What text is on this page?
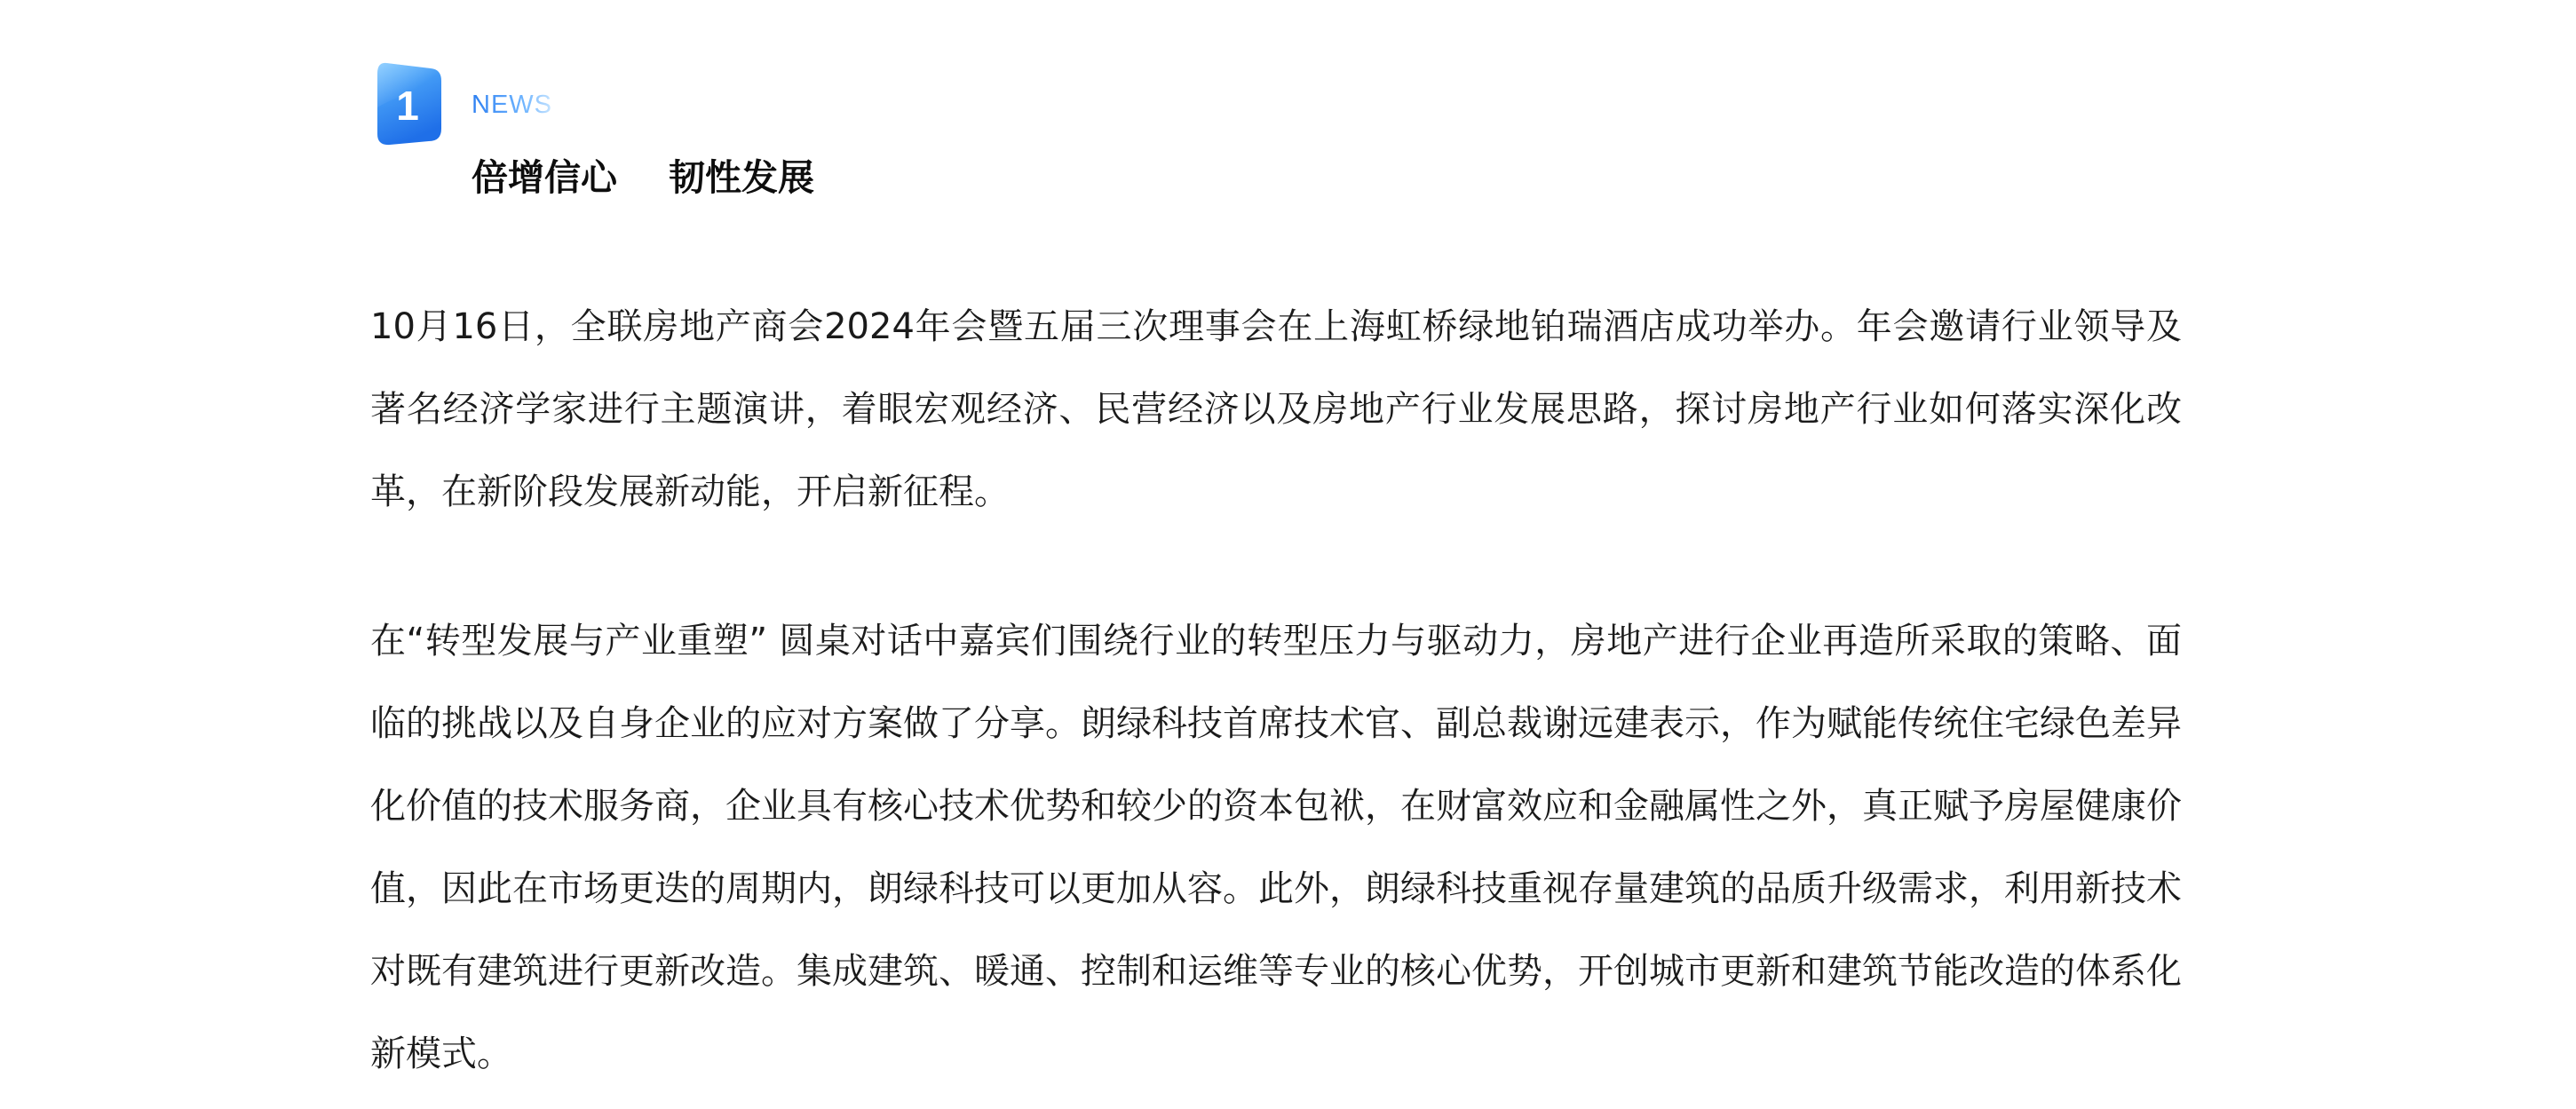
1 NEWS
倍增信心 韧性发展

10月16日，全联房地产商会2024年会暨五届三次理事会在上海虹桥绿地铂瑞酒店成功举办。年会邀请行业领导及著名经济学家进行主题演讲，着眼宏观经济、民营经济以及房地产行业发展思路，探讨房地产行业如何落实深化改革，在新阶段发展新动能，开启新征程。

在“转型发展与产业重塑” 圆桌对话中嘉宾们围绕行业的转型压力与驱动力，房地产进行企业再造所采取的策略、面临的挑战以及自身企业的应对方案做了分享。朗绿科技首席技术官、副总裁谢远建表示，作为赋能传统住宅绿色差异化价值的技术服务商，企业具有核心技术优势和较少的资本包袱，在财富效应和金融属性之外，真正赋予房屋健康价值，因此在市场更迭的周期内，朗绿科技可以更加从容。此外，朗绿科技重视存量建筑的品质升级需求，利用新技术对既有建筑进行更新改造。集成建筑、暖通、控制和运维等专业的核心优势，开创城市更新和建筑节能改造的体系化新模式。
